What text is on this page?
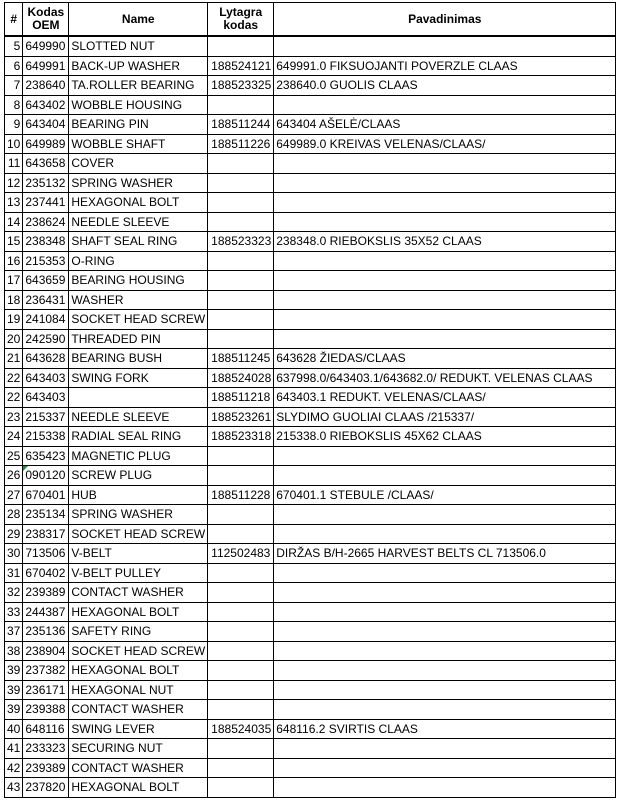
#	Kodas OEM	Name	Lytagra kodas	Pavadinimas
5	649990	SLOTTED NUT		
6	649991	BACK-UP WASHER	188524121	649991.0 FIKSUOJANTI POVERZLE CLAAS
7	238640	TA.ROLLER BEARING	188523325	238640.0 GUOLIS CLAAS
8	643402	WOBBLE HOUSING		
9	643404	BEARING PIN	188511244	643404 AŠELĖ/CLAAS
10	649989	WOBBLE SHAFT	188511226	649989.0 KREIVAS VELENAS/CLAAS/
11	643658	COVER		
12	235132	SPRING WASHER		
13	237441	HEXAGONAL BOLT		
14	238624	NEEDLE SLEEVE		
15	238348	SHAFT SEAL RING	188523323	238348.0 RIEBOKSLIS 35X52 CLAAS
16	215353	O-RING		
17	643659	BEARING HOUSING		
18	236431	WASHER		
19	241084	SOCKET HEAD SCREW		
20	242590	THREADED PIN		
21	643628	BEARING BUSH	188511245	643628 ŽIEDAS/CLAAS
22	643403	SWING FORK	188524028	637998.0/643403.1/643682.0/ REDUKT. VELENAS CLAAS
22	643403		188511218	643403.1 REDUKT. VELENAS/CLAAS/
23	215337	NEEDLE SLEEVE	188523261	SLYDIMO GUOLIAI CLAAS /215337/
24	215338	RADIAL SEAL RING	188523318	215338.0 RIEBOKSLIS 45X62 CLAAS
25	635423	MAGNETIC PLUG		
26	090120	SCREW PLUG		
27	670401	HUB	188511228	670401.1 STEBULE /CLAAS/
28	235134	SPRING WASHER		
29	238317	SOCKET HEAD SCREW		
30	713506	V-BELT	112502483	DIRŽAS B/H-2665 HARVEST BELTS CL 713506.0
31	670402	V-BELT PULLEY		
32	239389	CONTACT WASHER		
33	244387	HEXAGONAL BOLT		
37	235136	SAFETY RING		
38	238904	SOCKET HEAD SCREW		
39	237382	HEXAGONAL BOLT		
39	236171	HEXAGONAL NUT		
39	239388	CONTACT WASHER		
40	648116	SWING LEVER	188524035	648116.2 SVIRTIS CLAAS
41	233323	SECURING NUT		
42	239389	CONTACT WASHER		
43	237820	HEXAGONAL BOLT		
